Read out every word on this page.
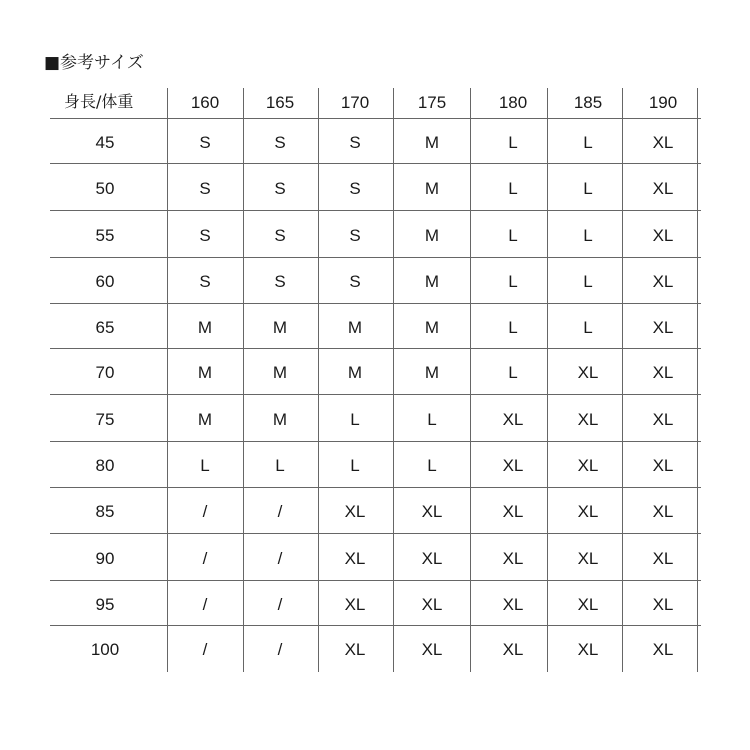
■参考サイズ
身長/体重	160	165	170	175	180	185	190
45	S	S	S	M	L	L	XL
50	S	S	S	M	L	L	XL
55	S	S	S	M	L	L	XL
60	S	S	S	M	L	L	XL
65	M	M	M	M	L	L	XL
70	M	M	M	M	L	XL	XL
75	M	M	L	L	XL	XL	XL
80	L	L	L	L	XL	XL	XL
85	/	/	XL	XL	XL	XL	XL
90	/	/	XL	XL	XL	XL	XL
95	/	/	XL	XL	XL	XL	XL
100	/	/	XL	XL	XL	XL	XL
